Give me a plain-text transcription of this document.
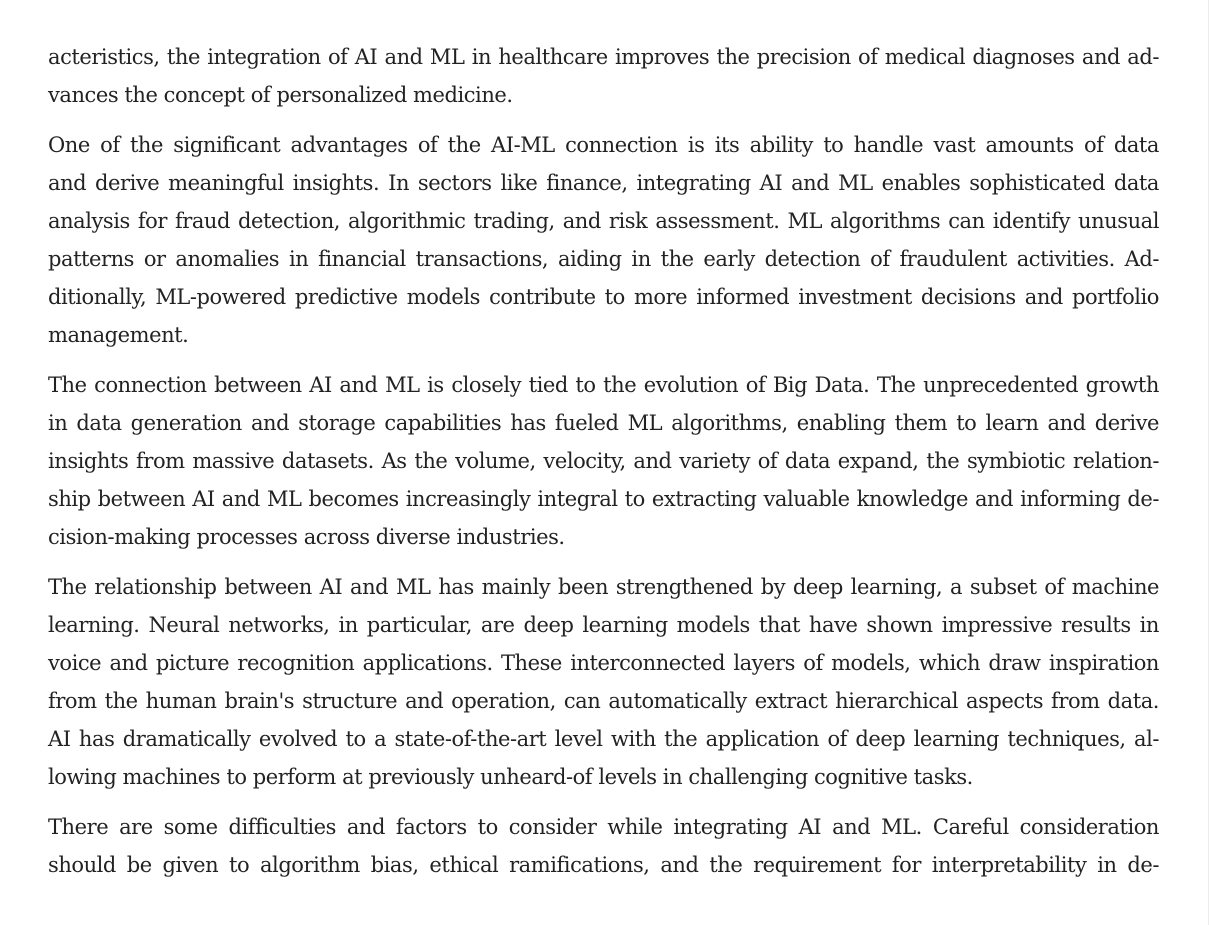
acteristics, the integration of AI and ML in healthcare improves the precision of medical diagnoses and ad-
vances the concept of personalized medicine.

One of the significant advantages of the AI-ML connection is its ability to handle vast amounts of data
and derive meaningful insights. In sectors like finance, integrating AI and ML enables sophisticated data
analysis for fraud detection, algorithmic trading, and risk assessment. ML algorithms can identify unusual
patterns or anomalies in financial transactions, aiding in the early detection of fraudulent activities. Ad-
ditionally, ML-powered predictive models contribute to more informed investment decisions and portfolio
management.

The connection between AI and ML is closely tied to the evolution of Big Data. The unprecedented growth
in data generation and storage capabilities has fueled ML algorithms, enabling them to learn and derive
insights from massive datasets. As the volume, velocity, and variety of data expand, the symbiotic relation-
ship between AI and ML becomes increasingly integral to extracting valuable knowledge and informing de-
cision-making processes across diverse industries.

The relationship between AI and ML has mainly been strengthened by deep learning, a subset of machine
learning. Neural networks, in particular, are deep learning models that have shown impressive results in
voice and picture recognition applications. These interconnected layers of models, which draw inspiration
from the human brain's structure and operation, can automatically extract hierarchical aspects from data.
AI has dramatically evolved to a state-of-the-art level with the application of deep learning techniques, al-
lowing machines to perform at previously unheard-of levels in challenging cognitive tasks.

There are some difficulties and factors to consider while integrating AI and ML. Careful consideration
should be given to algorithm bias, ethical ramifications, and the requirement for interpretability in de-
